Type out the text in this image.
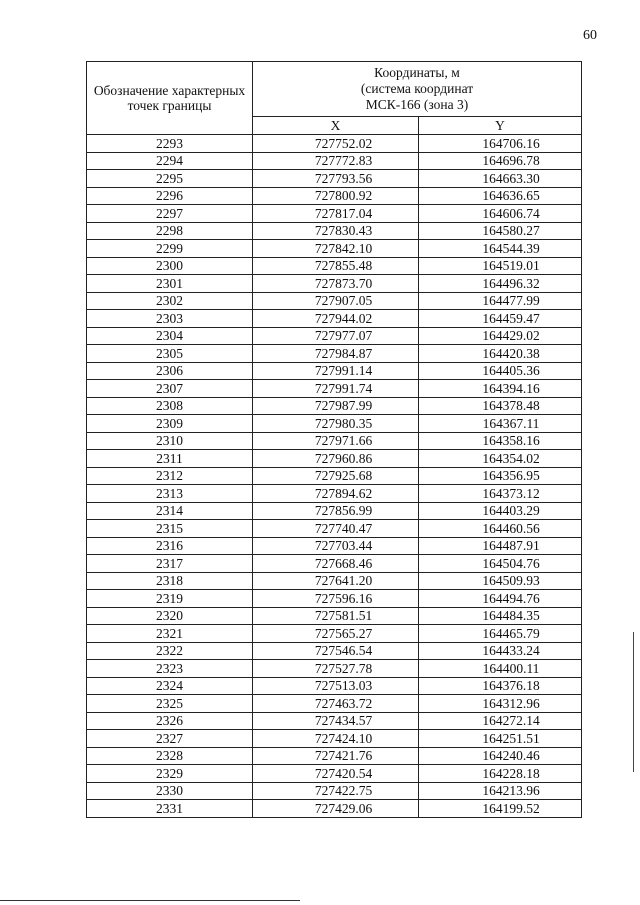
60
Обозначение характерных точек границы	Координаты, м
(система координат
МСК-166 (зона 3)	

	X	Y
2293	727752.02	164706.16
2294	727772.83	164696.78
2295	727793.56	164663.30
2296	727800.92	164636.65
2297	727817.04	164606.74
2298	727830.43	164580.27
2299	727842.10	164544.39
2300	727855.48	164519.01
2301	727873.70	164496.32
2302	727907.05	164477.99
2303	727944.02	164459.47
2304	727977.07	164429.02
2305	727984.87	164420.38
2306	727991.14	164405.36
2307	727991.74	164394.16
2308	727987.99	164378.48
2309	727980.35	164367.11
2310	727971.66	164358.16
2311	727960.86	164354.02
2312	727925.68	164356.95
2313	727894.62	164373.12
2314	727856.99	164403.29
2315	727740.47	164460.56
2316	727703.44	164487.91
2317	727668.46	164504.76
2318	727641.20	164509.93
2319	727596.16	164494.76
2320	727581.51	164484.35
2321	727565.27	164465.79
2322	727546.54	164433.24
2323	727527.78	164400.11
2324	727513.03	164376.18
2325	727463.72	164312.96
2326	727434.57	164272.14
2327	727424.10	164251.51
2328	727421.76	164240.46
2329	727420.54	164228.18
2330	727422.75	164213.96
2331	727429.06	164199.52
